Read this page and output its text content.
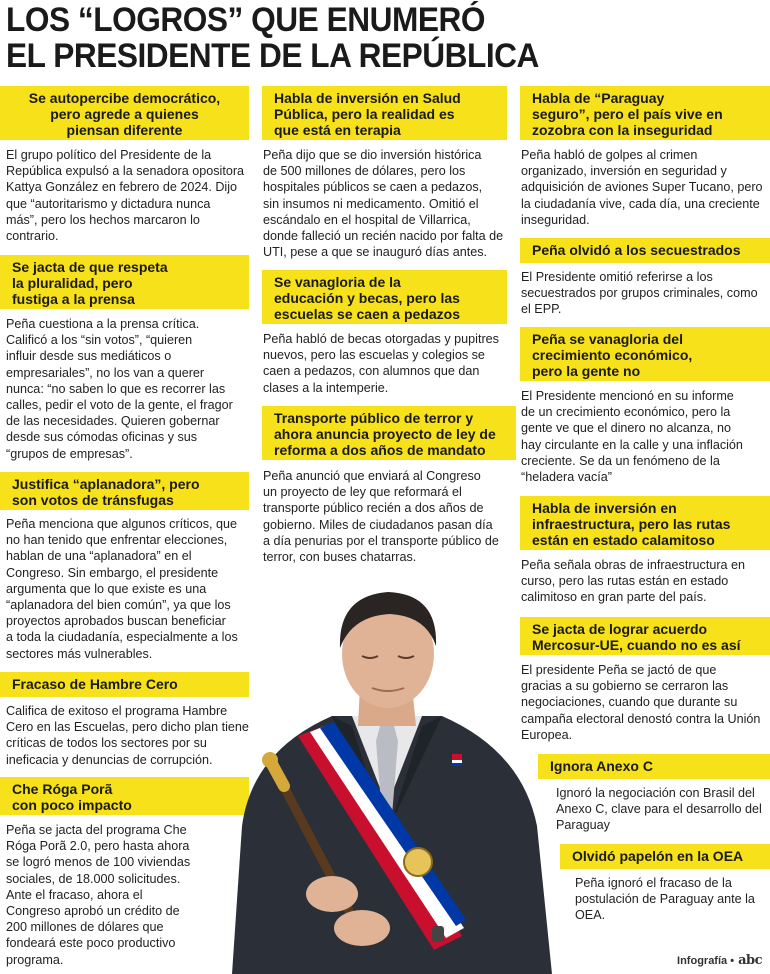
LOS “LOGROS” QUE ENUMERÓ
EL PRESIDENTE DE LA REPÚBLICA
Se autopercibe democrático,
pero agrede a quienes
piensan diferente

El grupo político del Presidente de la
República expulsó a la senadora opositora
Kattya González en febrero de 2024. Dijo
que “autoritarismo y dictadura nunca
más”, pero los hechos marcaron lo
contrario.

Se jacta de que respeta
la pluralidad, pero
fustiga a la prensa

Peña cuestiona a la prensa crítica.
Calificó a los “sin votos”, “quieren
influir desde sus mediáticos o
empresariales”, no los van a querer
nunca: “no saben lo que es recorrer las
calles, pedir el voto de la gente, el fragor
de las necesidades. Quieren gobernar
desde sus cómodas oficinas y sus
“grupos de empresas”.

Justifica “aplanadora”, pero
son votos de tránsfugas

Peña menciona que algunos críticos, que
no han tenido que enfrentar elecciones,
hablan de una “aplanadora” en el
Congreso. Sin embargo, el presidente
argumenta que lo que existe es una
“aplanadora del bien común”, ya que los
proyectos aprobados buscan beneficiar
a toda la ciudadanía, especialmente a los
sectores más vulnerables.

Fracaso de Hambre Cero

Califica de exitoso el programa Hambre
Cero en las Escuelas, pero dicho plan tiene
críticas de todos los sectores por su
ineficacia y denuncias de corrupción.

Che Róga Porã
con poco impacto

Peña se jacta del programa Che
Róga Porã 2.0, pero hasta ahora
se logró menos de 100 viviendas
sociales, de 18.000 solicitudes.
Ante el fracaso, ahora el
Congreso aprobó un crédito de
200 millones de dólares que
fondeará este poco productivo
programa.

Habla de inversión en Salud
Pública, pero la realidad es
que está en terapia

Peña dijo que se dio inversión histórica
de 500 millones de dólares, pero los
hospitales públicos se caen a pedazos,
sin insumos ni medicamento. Omitió el
escándalo en el hospital de Villarrica,
donde falleció un recién nacido por falta de
UTI, pese a que se inauguró días antes.

Se vanagloria de la
educación y becas, pero las
escuelas se caen a pedazos

Peña habló de becas otorgadas y pupitres
nuevos, pero las escuelas y colegios se
caen a pedazos, con alumnos que dan
clases a la intemperie.

Transporte público de terror y
ahora anuncia proyecto de ley de
reforma a dos años de mandato

Peña anunció que enviará al Congreso
un proyecto de ley que reformará el
transporte público recién a dos años de
gobierno. Miles de ciudadanos pasan día
a día penurias por el transporte público de
terror, con buses chatarras.

Habla de “Paraguay
seguro”, pero el país vive en
zozobra con la inseguridad

Peña habló de golpes al crimen
organizado, inversión en seguridad y
adquisición de aviones Super Tucano, pero
la ciudadanía vive, cada día, una creciente
inseguridad.

Peña olvidó a los secuestrados

El Presidente omitió referirse a los
secuestrados por grupos criminales, como
el EPP.

Peña se vanagloria del
crecimiento económico,
pero la gente no

El Presidente mencionó en su informe
de un crecimiento económico, pero la
gente ve que el dinero no alcanza, no
hay circulante en la calle y una inflación
creciente. Se da un fenómeno de la
“heladera vacía”

Habla de inversión en
infraestructura, pero las rutas
están en estado calamitoso

Peña señala obras de infraestructura en
curso, pero las rutas están en estado
calimitoso en gran parte del país.

Se jacta de lograr acuerdo
Mercosur-UE, cuando no es así

El presidente Peña se jactó de que
gracias a su gobierno se cerraron las
negociaciones, cuando que durante su
campaña electoral denostó contra la Unión
Europea.

Ignora Anexo C

Ignoró la negociación con Brasil del
Anexo C, clave para el desarrollo del
Paraguay

Olvidó papelón en la OEA

Peña ignoró el fracaso de la
postulación de Paraguay ante la
OEA.

Infografía • abc
